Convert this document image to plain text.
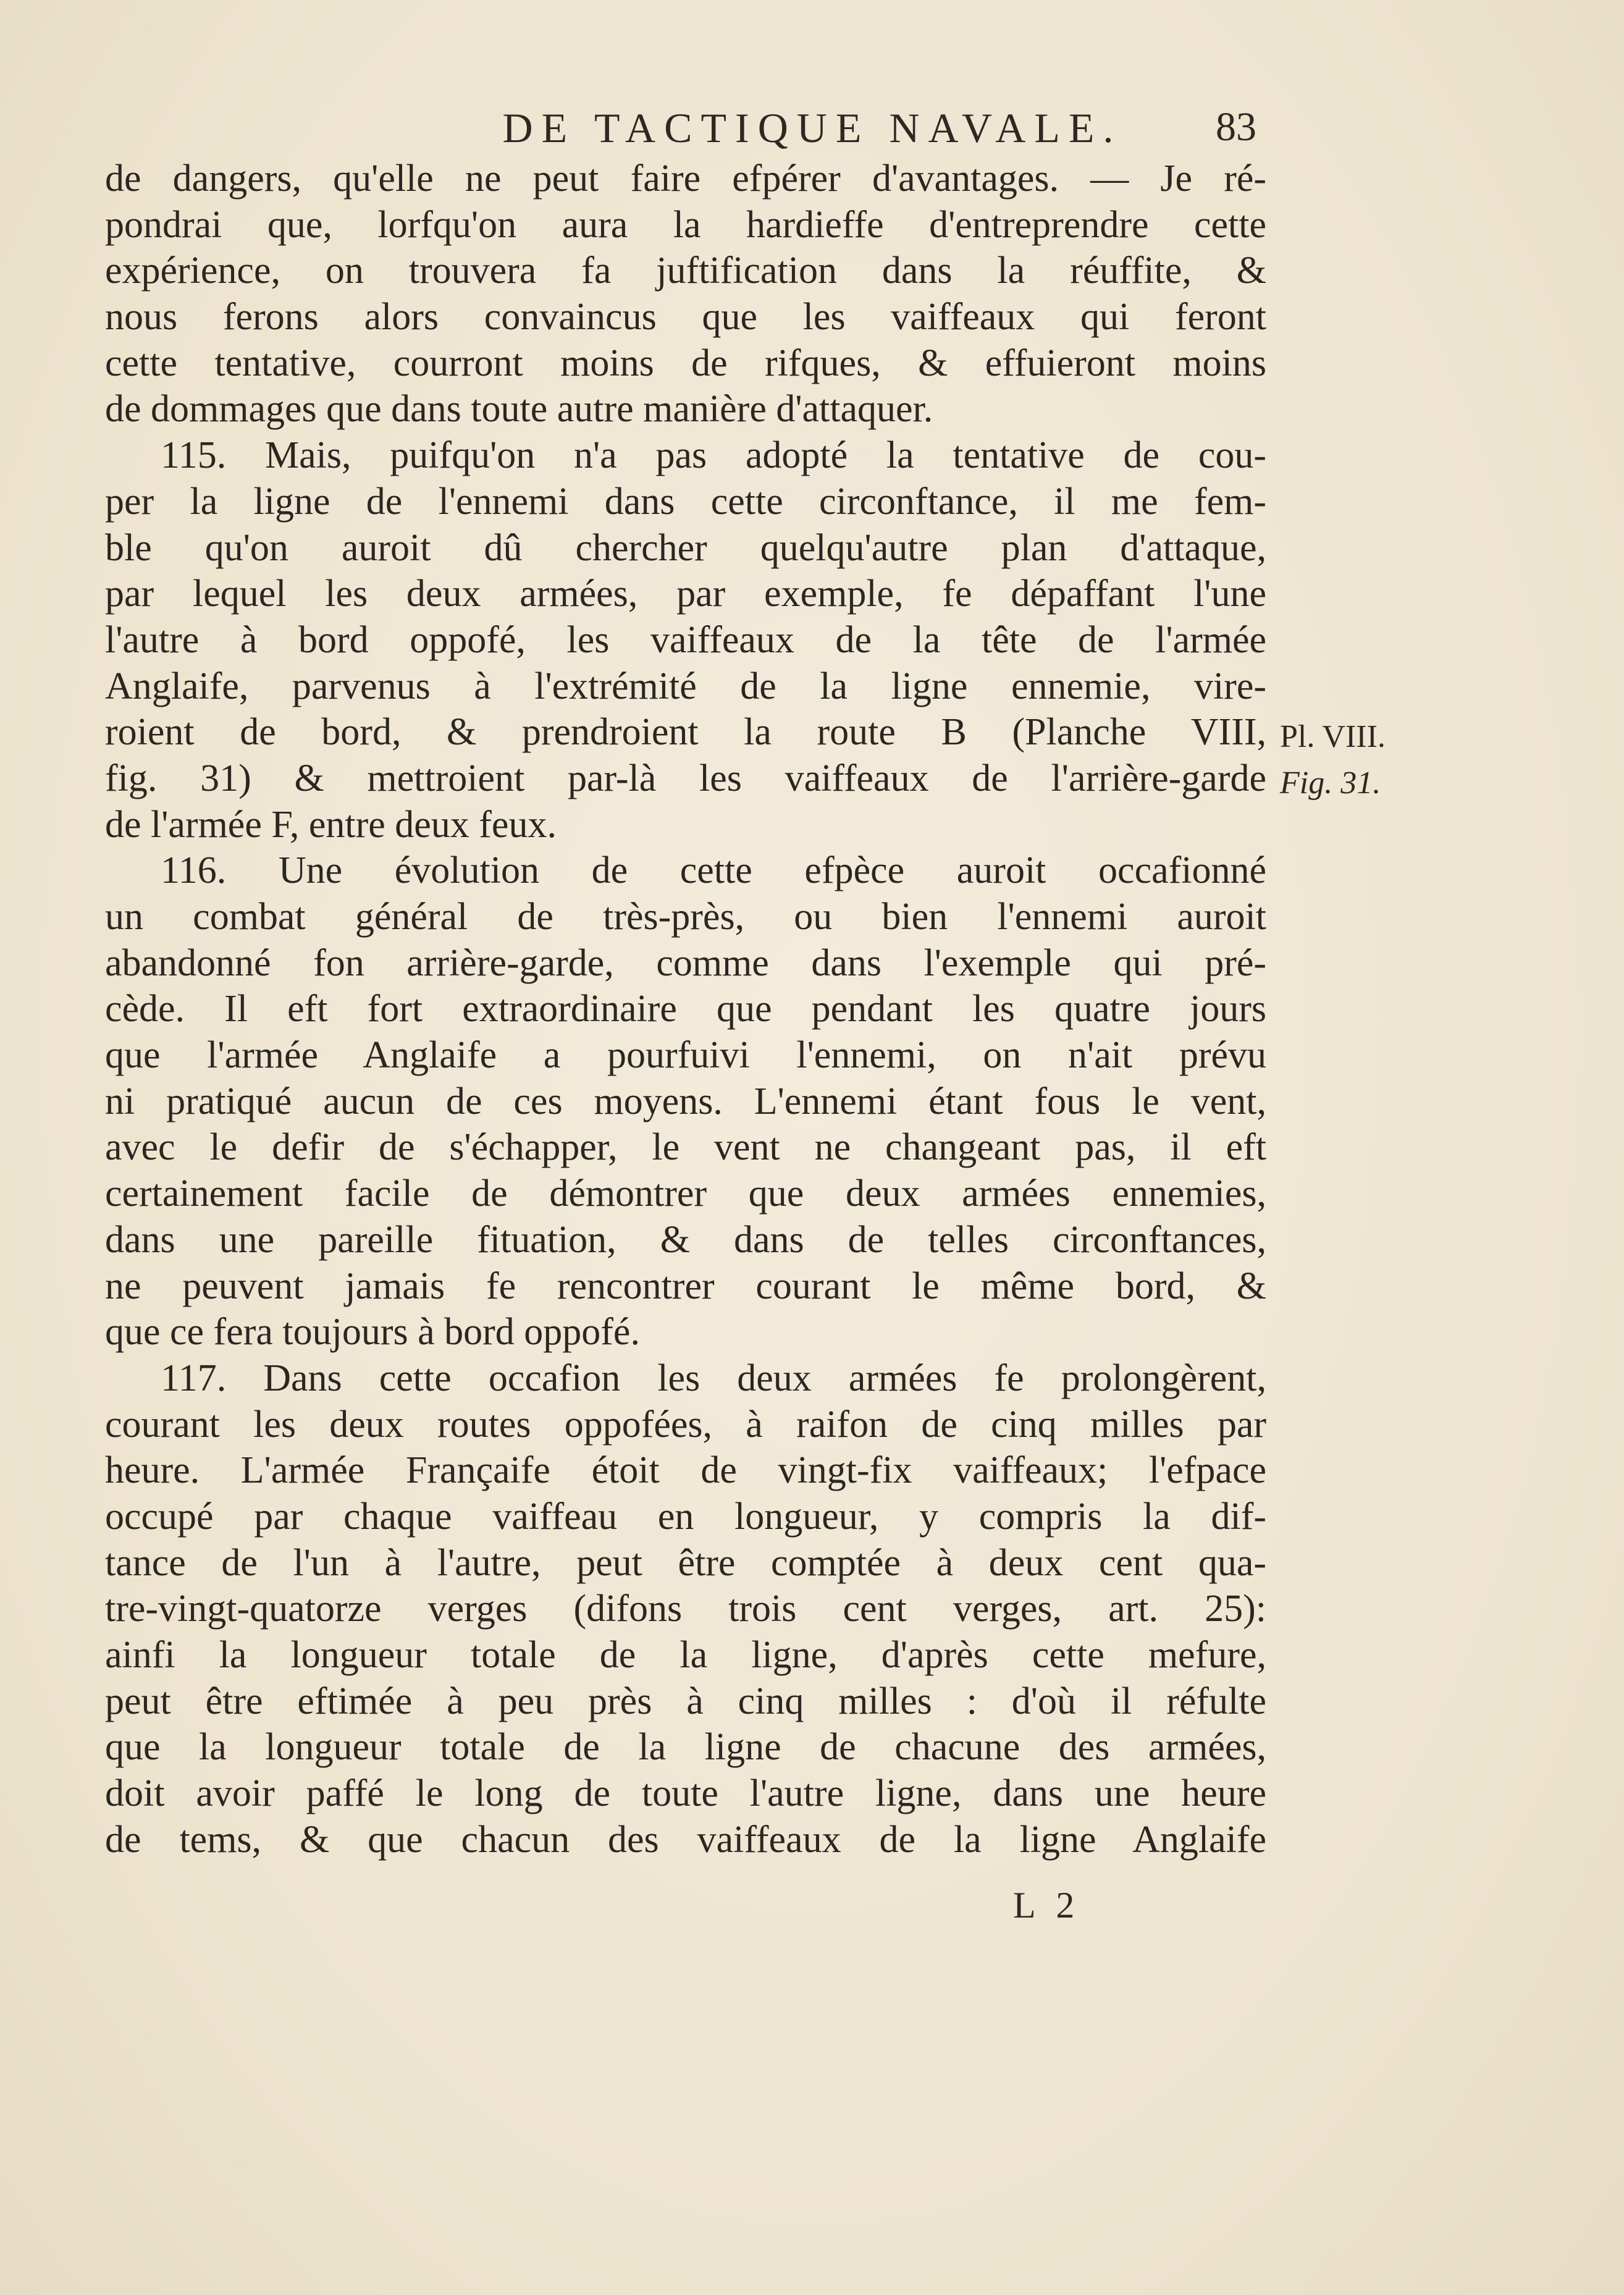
DE TACTIQUE NAVALE.	83
de dangers, qu'elle ne peut faire efpérer d'avantages. — Je ré-
pondrai que, lorfqu'on aura la hardieffe d'entreprendre cette
expérience, on trouvera fa juftification dans la réuffite, &
nous ferons alors convaincus que les vaiffeaux qui feront
cette tentative, courront moins de rifques, & effuieront moins
de dommages que dans toute autre manière d'attaquer.
115. Mais, puifqu'on n'a pas adopté la tentative de cou-
per la ligne de l'ennemi dans cette circonftance, il me fem-
ble qu'on auroit dû chercher quelqu'autre plan d'attaque,
par lequel les deux armées, par exemple, fe dépaffant l'une
l'autre à bord oppofé, les vaiffeaux de la tête de l'armée
Anglaife, parvenus à l'extrémité de la ligne ennemie, vire-
roient de bord, & prendroient la route B (Planche VIII,
fig. 31) & mettroient par-là les vaiffeaux de l'arrière-garde
de l'armée F, entre deux feux.
116. Une évolution de cette efpèce auroit occafionné
un combat général de très-près, ou bien l'ennemi auroit
abandonné fon arrière-garde, comme dans l'exemple qui pré-
cède. Il eft fort extraordinaire que pendant les quatre jours
que l'armée Anglaife a pourfuivi l'ennemi, on n'ait prévu
ni pratiqué aucun de ces moyens. L'ennemi étant fous le vent,
avec le defir de s'échapper, le vent ne changeant pas, il eft
certainement facile de démontrer que deux armées ennemies,
dans une pareille fituation, & dans de telles circonftances,
ne peuvent jamais fe rencontrer courant le même bord, &
que ce fera toujours à bord oppofé.
117. Dans cette occafion les deux armées fe prolongèrent,
courant les deux routes oppofées, à raifon de cinq milles par
heure. L'armée Françaife étoit de vingt-fix vaiffeaux; l'efpace
occupé par chaque vaiffeau en longueur, y compris la dif-
tance de l'un à l'autre, peut être comptée à deux cent qua-
tre-vingt-quatorze verges (difons trois cent verges, art. 25):
ainfi la longueur totale de la ligne, d'après cette mefure,
peut être eftimée à peu près à cinq milles : d'où il réfulte
que la longueur totale de la ligne de chacune des armées,
doit avoir paffé le long de toute l'autre ligne, dans une heure
de tems, & que chacun des vaiffeaux de la ligne Anglaife
Pl. VIII.
Fig. 31.
L 2
